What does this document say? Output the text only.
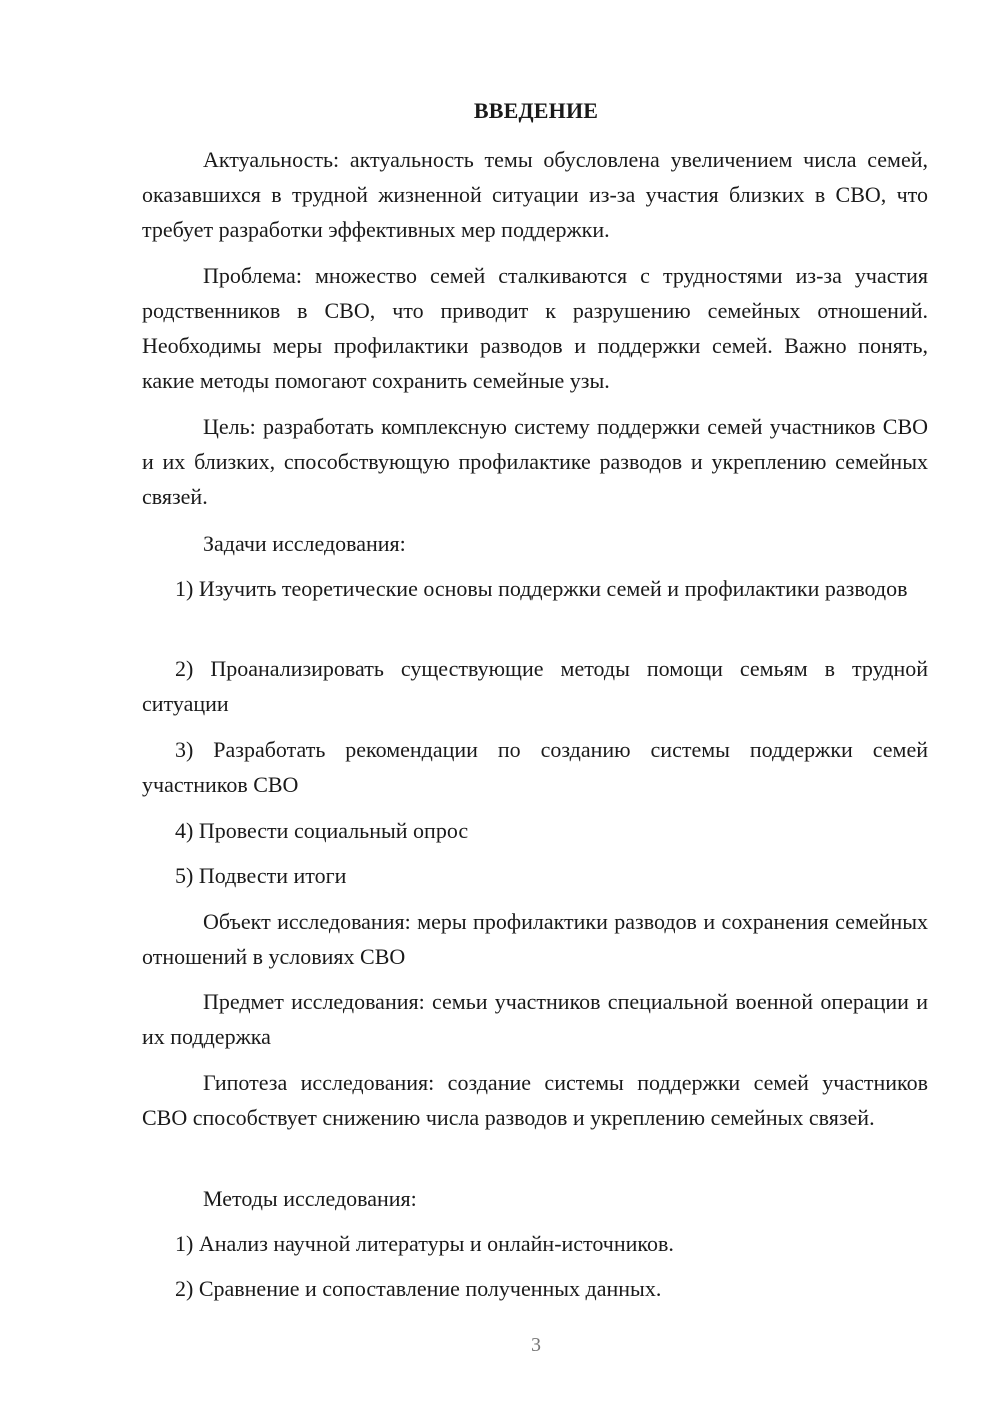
ВВЕДЕНИЕ

Актуальность: актуальность темы обусловлена увеличением числа семей, оказавшихся в трудной жизненной ситуации из-за участия близких в СВО, что требует разработки эффективных мер поддержки.

Проблема: множество семей сталкиваются с трудностями из-за участия родственников в СВО, что приводит к разрушению семейных отношений. Необходимы меры профилактики разводов и поддержки семей. Важно понять, какие методы помогают сохранить семейные узы.

Цель: разработать комплексную систему поддержки семей участников СВО и их близких, способствующую профилактике разводов и укреплению семейных связей.

Задачи исследования:

1) Изучить теоретические основы поддержки семей и профилактики разводов

2) Проанализировать существующие методы помощи семьям в трудной ситуации

3) Разработать рекомендации по созданию системы поддержки семей участников СВО

4) Провести социальный опрос

5) Подвести итоги

Объект исследования: меры профилактики разводов и сохранения семейных отношений в условиях СВО

Предмет исследования: семьи участников специальной военной операции и их поддержка

Гипотеза исследования: создание системы поддержки семей участников СВО способствует снижению числа разводов и укреплению семейных связей.

Методы исследования:

1) Анализ научной литературы и онлайн-источников.

2) Сравнение и сопоставление полученных данных.

3
